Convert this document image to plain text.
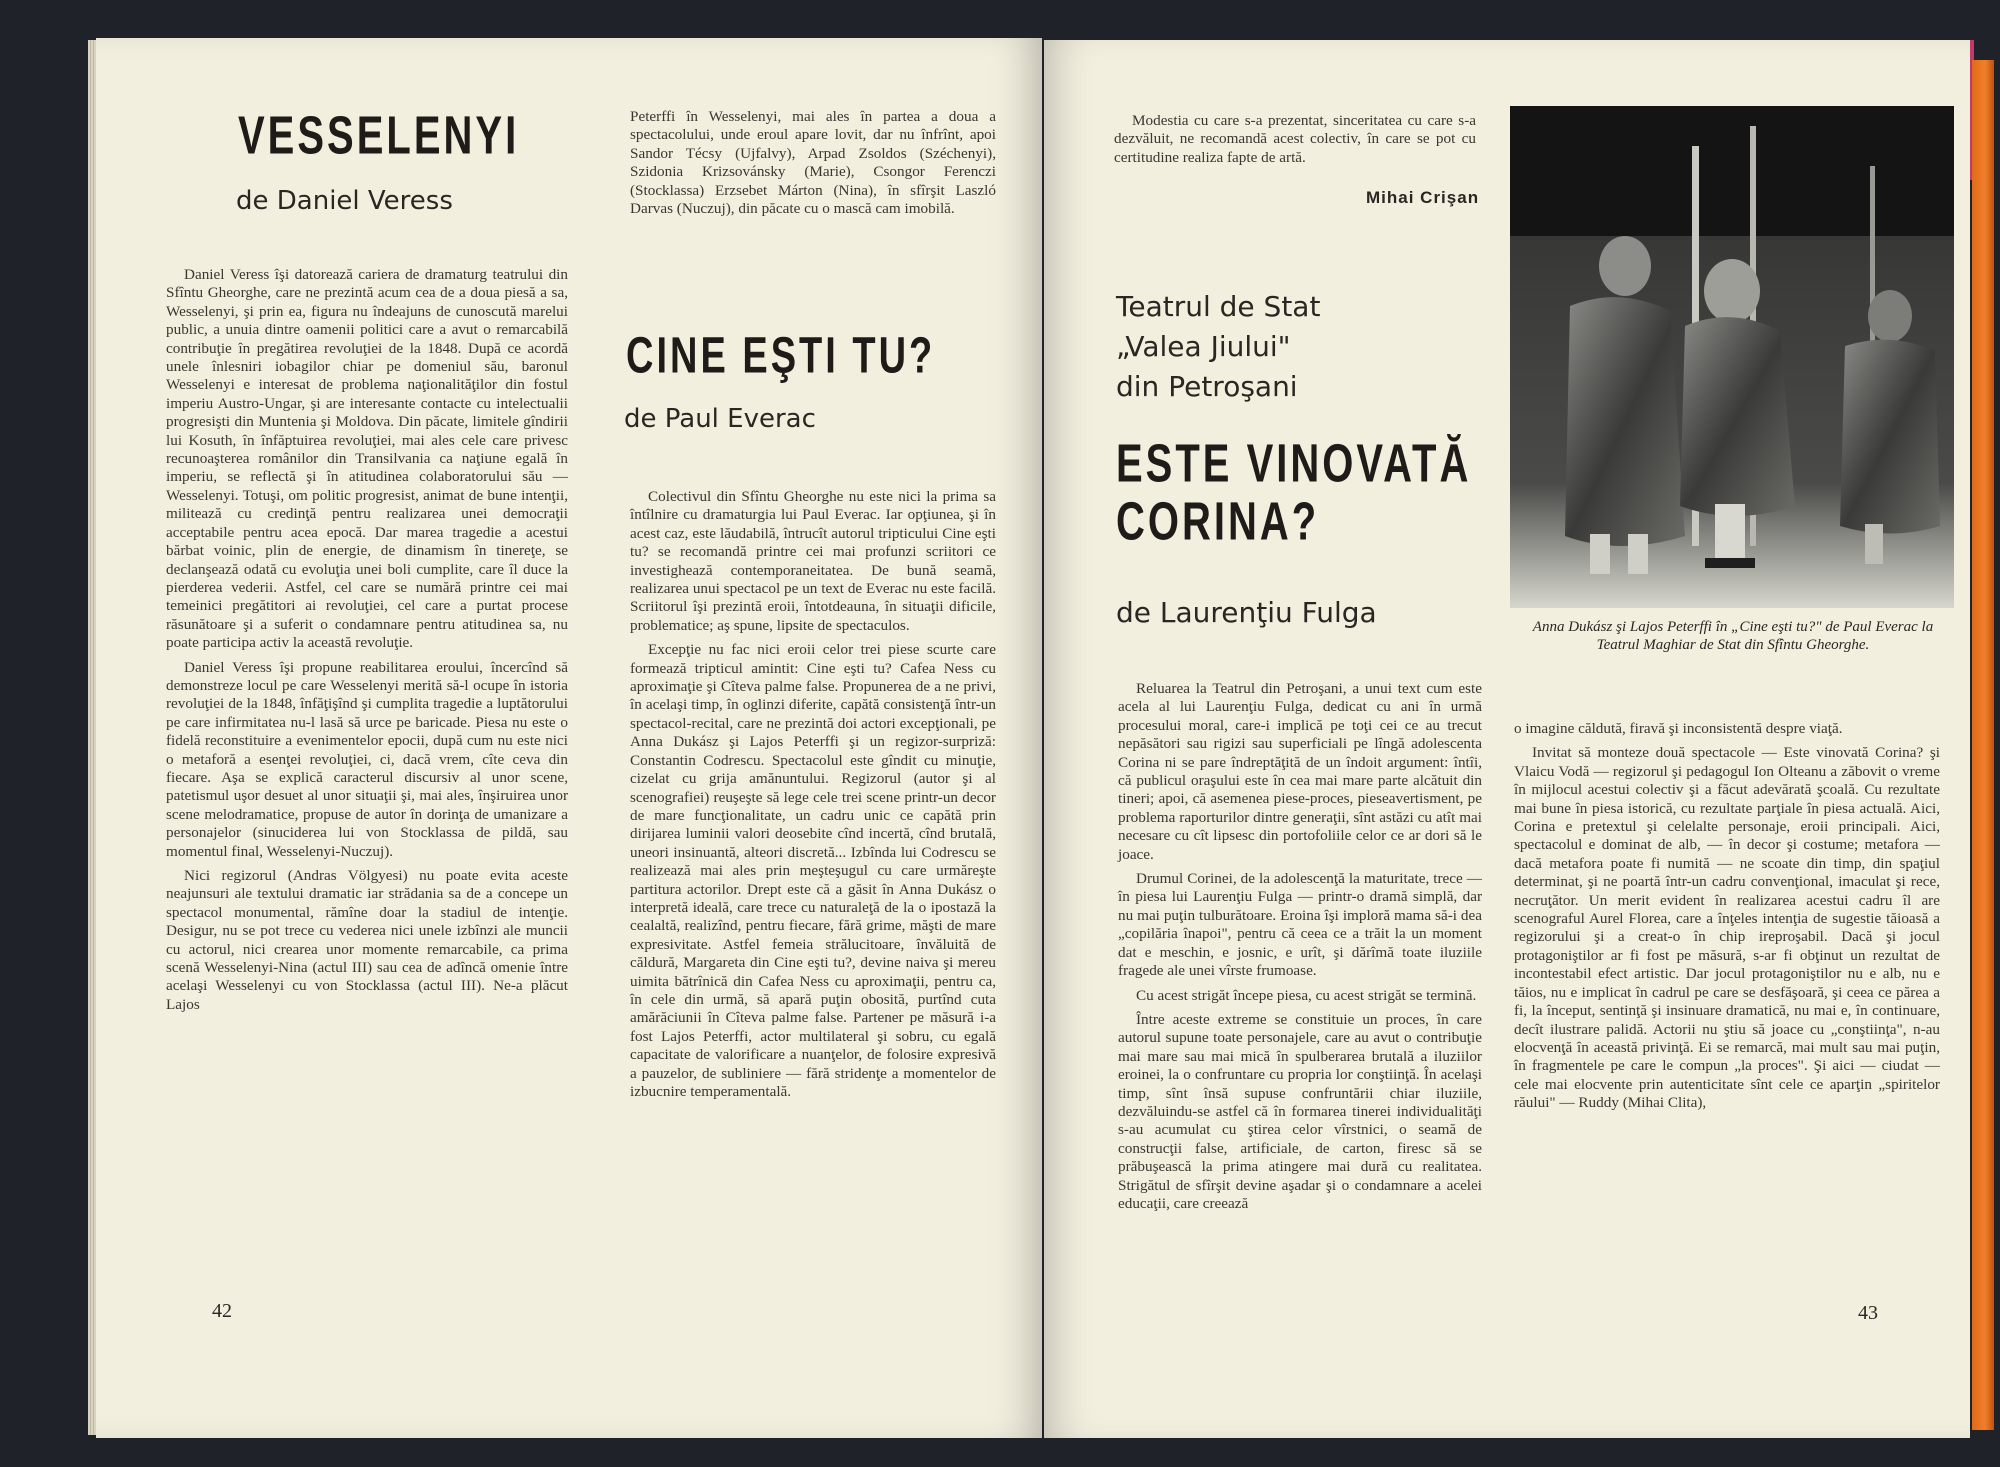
VESSELENYI
de Daniel Veress

Daniel Veress îşi datorează cariera de dramaturg teatrului din Sfîntu Gheorghe, care ne prezintă acum cea de a doua piesă a sa, Wesselenyi, şi prin ea, figura nu îndeajuns de cunoscută marelui public, a unuia dintre oamenii politici care a avut o remarcabilă contribuţie în pregătirea revoluţiei de la 1848. După ce acordă unele înlesniri iobagilor chiar pe domeniul său, baronul Wesselenyi e interesat de problema naţionalităţilor din fostul imperiu Austro-Ungar, şi are interesante contacte cu intelectualii progresişti din Muntenia şi Moldova. Din păcate, limitele gîndirii lui Kosuth, în înfăptuirea revoluţiei, mai ales cele care privesc recunoaşterea românilor din Transilvania ca naţiune egală în imperiu, se reflectă şi în atitudinea colaboratorului său — Wesselenyi. Totuşi, om politic progresist, animat de bune intenţii, militează cu credinţă pentru realizarea unei democraţii acceptabile pentru acea epocă. Dar marea tragedie a acestui bărbat voinic, plin de energie, de dinamism în tinereţe, se declanşează odată cu evoluţia unei boli cumplite, care îl duce la pierderea vederii. Astfel, cel care se numără printre cei mai temeinici pregătitori ai revoluţiei, cel care a purtat procese răsunătoare şi a suferit o condamnare pentru atitudinea sa, nu poate participa activ la această revoluţie.

Daniel Veress îşi propune reabilitarea eroului, încercînd să demonstreze locul pe care Wesselenyi merită să-l ocupe în istoria revoluţiei de la 1848, înfăţişînd şi cumplita tragedie a luptătorului pe care infirmitatea nu-l lasă să urce pe baricade. Piesa nu este o fidelă reconstituire a evenimentelor epocii, după cum nu este nici o metaforă a esenţei revoluţiei, ci, dacă vrem, cîte ceva din fiecare. Aşa se explică caracterul discursiv al unor scene, patetismul uşor desuet al unor situaţii şi, mai ales, înşiruirea unor scene melodramatice, propuse de autor în dorinţa de umanizare a personajelor (sinuciderea lui von Stocklassa de pildă, sau momentul final, Wesselenyi-Nuczuj).

Nici regizorul (Andras Völgyesi) nu poate evita aceste neajunsuri ale textului dramatic iar strădania sa de a concepe un spectacol monumental, rămîne doar la stadiul de intenţie. Desigur, nu se pot trece cu vederea nici unele izbînzi ale muncii cu actorul, nici crearea unor momente remarcabile, ca prima scenă Wesselenyi-Nina (actul III) sau cea de adîncă omenie între acelaşi Wesselenyi cu von Stocklassa (actul III). Ne-a plăcut Lajos

Peterffi în Wesselenyi, mai ales în partea a doua a spectacolului, unde eroul apare lovit, dar nu înfrînt, apoi Sandor Técsy (Ujfalvy), Arpad Zsoldos (Széchenyi), Szidonia Krizsovánsky (Marie), Csongor Ferenczi (Stocklassa) Erzsebet Márton (Nina), în sfîrşit Laszló Darvas (Nuczuj), din păcate cu o mască cam imobilă.

CINE EŞTI TU?
de Paul Everac

Colectivul din Sfîntu Gheorghe nu este nici la prima sa întîlnire cu dramaturgia lui Paul Everac. Iar opţiunea, şi în acest caz, este lăudabilă, întrucît autorul tripticului Cine eşti tu? se recomandă printre cei mai profunzi scriitori ce investighează contemporaneitatea. De bună seamă, realizarea unui spectacol pe un text de Everac nu este facilă. Scriitorul îşi prezintă eroii, întotdeauna, în situaţii dificile, problematice; aş spune, lipsite de spectaculos.

Excepţie nu fac nici eroii celor trei piese scurte care formează tripticul amintit: Cine eşti tu? Cafea Ness cu aproximaţie şi Cîteva palme false. Propunerea de a ne privi, în acelaşi timp, în oglinzi diferite, capătă consistenţă într-un spectacol-recital, care ne prezintă doi actori excepţionali, pe Anna Dukász şi Lajos Peterffi şi un regizor-surpriză: Constantin Codrescu. Spectacolul este gîndit cu minuţie, cizelat cu grija amănuntului. Regizorul (autor şi al scenografiei) reuşeşte să lege cele trei scene printr-un decor de mare funcţionalitate, un cadru unic ce capătă prin dirijarea luminii valori deosebite cînd incertă, cînd brutală, uneori insinuantă, alteori discretă... Izbînda lui Codrescu se realizează mai ales prin meşteşugul cu care urmăreşte partitura actorilor. Drept este că a găsit în Anna Dukász o interpretă ideală, care trece cu naturaleţă de la o ipostază la cealaltă, realizînd, pentru fiecare, fără grime, măşti de mare expresivitate. Astfel femeia strălucitoare, învăluită de căldură, Margareta din Cine eşti tu?, devine naiva şi mereu uimita bătrînică din Cafea Ness cu aproximaţii, pentru ca, în cele din urmă, să apară puţin obosită, purtînd cuta amărăciunii în Cîteva palme false. Partener pe măsură i-a fost Lajos Peterffi, actor multilateral şi sobru, cu egală capacitate de valorificare a nuanţelor, de folosire expresivă a pauzelor, de subliniere — fără stridenţe a momentelor de izbucnire temperamentală.

42

Modestia cu care s-a prezentat, sinceritatea cu care s-a dezvăluit, ne recomandă acest colectiv, în care se pot cu certitudine realiza fapte de artă.

Mihai Crişan
Teatrul de Stat
„Valea Jiului"
din Petroşani
ESTE VINOVATĂ
CORINA?
de Laurenţiu Fulga

Reluarea la Teatrul din Petroşani, a unui text cum este acela al lui Laurenţiu Fulga, dedicat cu ani în urmă procesului moral, care-i implică pe toţi cei ce au trecut nepăsători sau rigizi sau superficiali pe lîngă adolescenta Corina ni se pare îndreptăţită de un îndoit argument: întîi, că publicul oraşului este în cea mai mare parte alcătuit din tineri; apoi, că asemenea piese-proces, pieseavertisment, pe problema raporturilor dintre generaţii, sînt astăzi cu atît mai necesare cu cît lipsesc din portofoliile celor ce ar dori să le joace.

Drumul Corinei, de la adolescenţă la maturitate, trece — în piesa lui Laurenţiu Fulga — printr-o dramă simplă, dar nu mai puţin tulburătoare. Eroina îşi imploră mama să-i dea „copilăria înapoi", pentru că ceea ce a trăit la un moment dat e meschin, e josnic, e urît, şi dărîmă toate iluziile fragede ale unei vîrste frumoase.

Cu acest strigăt începe piesa, cu acest strigăt se termină.

Între aceste extreme se constituie un proces, în care autorul supune toate personajele, care au avut o contribuţie mai mare sau mai mică în spulberarea brutală a iluziilor eroinei, la o confruntare cu propria lor conştiinţă. În acelaşi timp, sînt însă supuse confruntării chiar iluziile, dezvăluindu-se astfel că în formarea tinerei individualităţi s-au acumulat cu ştirea celor vîrstnici, o seamă de construcţii false, artificiale, de carton, firesc să se prăbuşească la prima atingere mai dură cu realitatea. Strigătul de sfîrşit devine aşadar şi o condamnare a acelei educaţii, care creează

Anna Dukász şi Lajos Peterffi în „Cine eşti tu?" de Paul Everac la Teatrul Maghiar de Stat din Sfîntu Gheorghe.

o imagine căldută, firavă şi inconsistentă despre viaţă.

Invitat să monteze două spectacole — Este vinovată Corina? şi Vlaicu Vodă — regizorul şi pedagogul Ion Olteanu a zăbovit o vreme în mijlocul acestui colectiv şi a făcut adevărată şcoală. Cu rezultate mai bune în piesa istorică, cu rezultate parţiale în piesa actuală. Aici, Corina e pretextul şi celelalte personaje, eroii principali. Aici, spectacolul e dominat de alb, — în decor şi costume; metafora — dacă metafora poate fi numită — ne scoate din timp, din spaţiul determinat, şi ne poartă într-un cadru convenţional, imaculat şi rece, necruţător. Un merit evident în realizarea acestui cadru îl are scenograful Aurel Florea, care a înţeles intenţia de sugestie tăioasă a regizorului şi a creat-o în chip ireproşabil. Dacă şi jocul protagoniştilor ar fi fost pe măsură, s-ar fi obţinut un rezultat de incontestabil efect artistic. Dar jocul protagoniştilor nu e alb, nu e tăios, nu e implicat în cadrul pe care se desfăşoară, şi ceea ce părea a fi, la început, sentinţă şi insinuare dramatică, nu mai e, în continuare, decît ilustrare palidă. Actorii nu ştiu să joace cu „conştiinţa", n-au elocvenţă în această privinţă. Ei se remarcă, mai mult sau mai puţin, în fragmentele pe care le compun „la proces". Şi aici — ciudat — cele mai elocvente prin autenticitate sînt cele ce aparţin „spiritelor răului" — Ruddy (Mihai Clita),

43
